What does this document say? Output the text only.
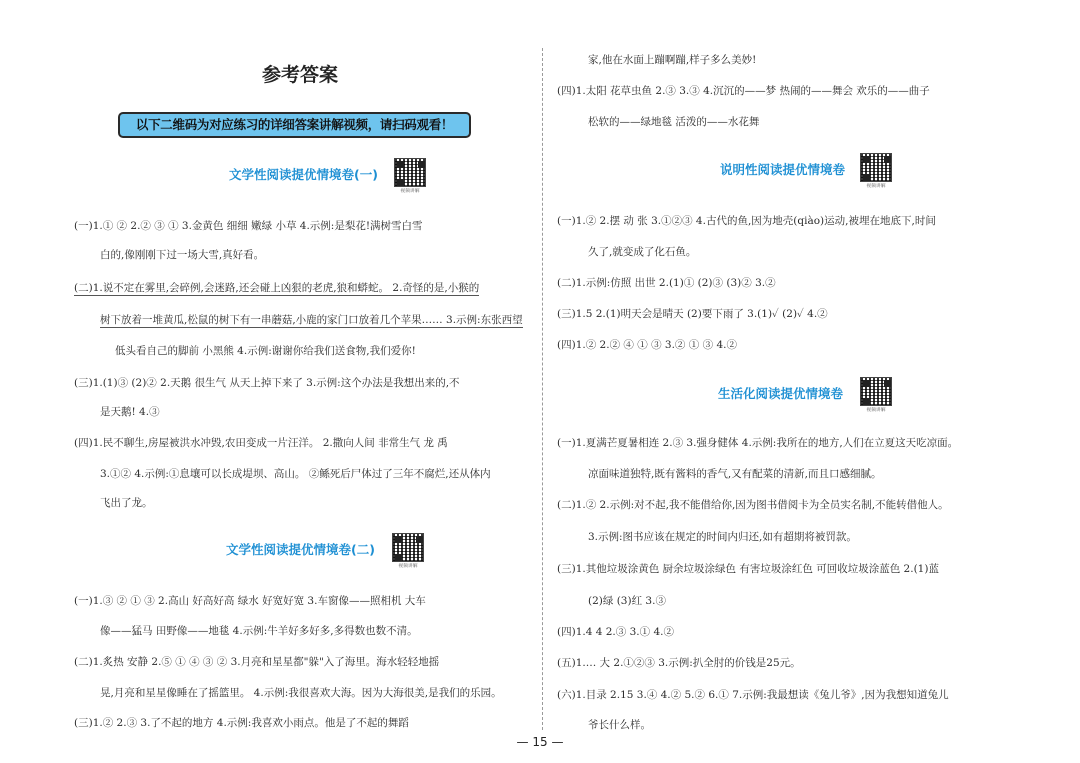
参考答案
以下二维码为对应练习的详细答案讲解视频，请扫码观看！
文学性阅读提优情境卷(一)
视频讲解

(一)1.① ② 2.② ③ ① 3.金黄色 细细 嫩绿 小草 4.示例:是梨花!满树雪白雪

白的,像刚刚下过一场大雪,真好看。

(二)1.说不定在雾里,会碎例,会迷路,还会碰上凶狠的老虎,狼和蟒蛇。 2.奇怪的是,小猴的

树下放着一堆黄瓜,松鼠的树下有一串蘑菇,小鹿的家门口放着几个苹果…… 3.示例:东张西望

低头看自己的脚前 小黑熊 4.示例:谢谢你给我们送食物,我们爱你!

(三)1.(1)③ (2)② 2.天鹅 很生气 从天上掉下来了 3.示例:这个办法是我想出来的,不

是天鹅! 4.③

(四)1.民不聊生,房屋被洪水冲毁,农田变成一片汪洋。 2.撒向人间 非常生气 龙 禹

3.①② 4.示例:①息壤可以长成堤坝、高山。 ②鲧死后尸体过了三年不腐烂,还从体内

飞出了龙。

文学性阅读提优情境卷(二)
视频讲解

(一)1.③ ② ① ③ 2.高山 好高好高 绿水 好宽好宽 3.车窗像——照相机 大车

像——猛马 田野像——地毯 4.示例:牛羊好多好多,多得数也数不清。

(二)1.炙热 安静 2.⑤ ① ④ ③ ② 3.月亮和星星都"躲"入了海里。海水轻轻地摇

晃,月亮和星星像睡在了摇篮里。 4.示例:我很喜欢大海。因为大海很美,是我们的乐园。

(三)1.② 2.③ 3.了不起的地方 4.示例:我喜欢小雨点。他是了不起的舞蹈

家,他在水面上蹦啊蹦,样子多么美妙!

(四)1.太阳 花草虫鱼 2.③ 3.③ 4.沉沉的——梦 热闹的——舞会 欢乐的——曲子

松软的——绿地毯 活泼的——水花舞

说明性阅读提优情境卷
视频讲解

(一)1.② 2.摆 动 张 3.①②③ 4.古代的鱼,因为地壳(qiào)运动,被埋在地底下,时间

久了,就变成了化石鱼。

(二)1.示例:仿照 出世 2.(1)① (2)③ (3)② 3.②

(三)1.5 2.(1)明天会是晴天 (2)要下雨了 3.(1)✓ (2)✓ 4.②

(四)1.② 2.② ④ ① ③ 3.② ① ③ 4.②

生活化阅读提优情境卷
视频讲解

(一)1.夏满芒夏暑相连 2.③ 3.强身健体 4.示例:我所在的地方,人们在立夏这天吃凉面。

凉面味道独特,既有酱料的香气,又有配菜的清新,而且口感细腻。

(二)1.② 2.示例:对不起,我不能借给你,因为图书借阅卡为全员实名制,不能转借他人。

3.示例:图书应该在规定的时间内归还,如有超期将被罚款。

(三)1.其他垃圾涂黄色 厨余垃圾涂绿色 有害垃圾涂红色 可回收垃圾涂蓝色 2.(1)蓝

(2)绿 (3)红 3.③

(四)1.4 4 2.③ 3.① 4.②

(五)1.… 大 2.①②③ 3.示例:扒全肘的价钱是25元。

(六)1.目录 2.15 3.④ 4.② 5.② 6.① 7.示例:我最想读《兔儿爷》,因为我想知道兔儿

爷长什么样。

— 15 —
